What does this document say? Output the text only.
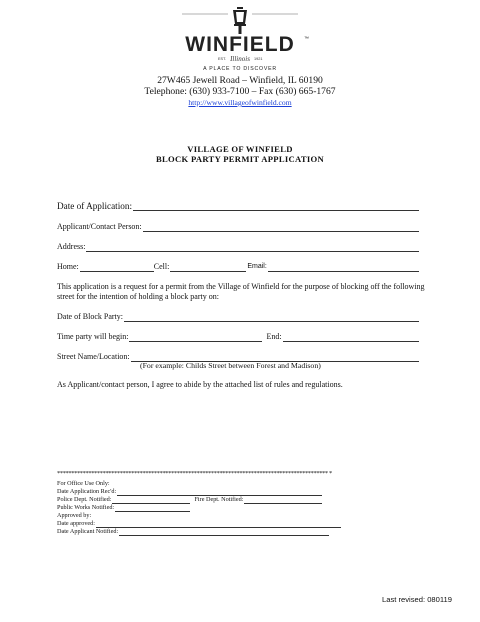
WINFIELD ™
EST. Illinois 1921
A PLACE TO DISCOVER
27W465 Jewell Road – Winfield, IL 60190
Telephone: (630) 933-7100 – Fax (630) 665-1767
http://www.villageofwinfield.com
VILLAGE OF WINFIELD
BLOCK PARTY PERMIT APPLICATION
Date of Application:
Applicant/Contact Person:
Address:
Home:	Cell:	Email:
This application is a request for a permit from the Village of Winfield for the purpose of blocking off the following street for the intention of holding a block party on:
Date of Block Party:
Time party will begin:	End:
Street Name/Location:
(For example: Childs Street between Forest and Madison)
As Applicant/contact person, I agree to abide by the attached list of rules and regulations.
*********************************************************************************************** *
For Office Use Only:
Date Application Rec'd:
Police Dept. Notified:	Fire Dept. Notified:
Public Works Notified:
Approved by:
Date approved:
Date Applicant Notified:
Last revised: 080119
